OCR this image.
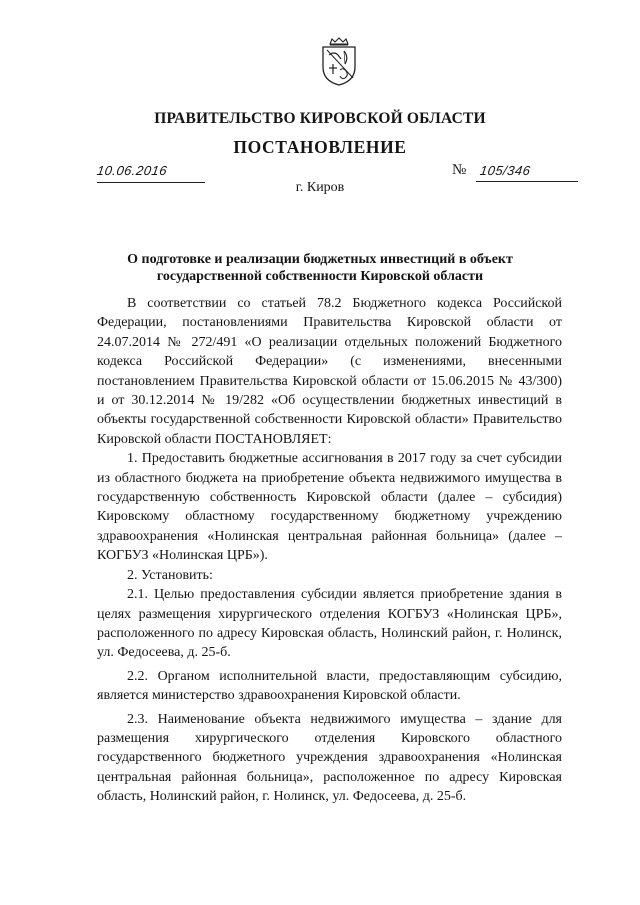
ПРАВИТЕЛЬСТВО КИРОВСКОЙ ОБЛАСТИ
ПОСТАНОВЛЕНИЕ
10.06.2016	№ 105/346
г. Киров
О подготовке и реализации бюджетных инвестиций в объект
государственной собственности Кировской области

В соответствии со статьей 78.2 Бюджетного кодекса Российской Федерации, постановлениями Правительства Кировской области от 24.07.2014 № 272/491 «О реализации отдельных положений Бюджетного кодекса Российской Федерации» (с изменениями, внесенными постановлением Правительства Кировской области от 15.06.2015 № 43/300) и от 30.12.2014 № 19/282 «Об осуществлении бюджетных инвестиций в объекты государственной собственности Кировской области» Правительство Кировской области ПОСТАНОВЛЯЕТ:

1. Предоставить бюджетные ассигнования в 2017 году за счет субсидии из областного бюджета на приобретение объекта недвижимого имущества в государственную собственность Кировской области (далее – субсидия) Кировскому областному государственному бюджетному учреждению здравоохранения «Нолинская центральная районная больница» (далее – КОГБУЗ «Нолинская ЦРБ»).

2. Установить:

2.1. Целью предоставления субсидии является приобретение здания в целях размещения хирургического отделения КОГБУЗ «Нолинская ЦРБ», расположенного по адресу Кировская область, Нолинский район, г. Нолинск, ул. Федосеева, д. 25-б.

2.2. Органом исполнительной власти, предоставляющим субсидию, является министерство здравоохранения Кировской области.

2.3. Наименование объекта недвижимого имущества – здание для размещения хирургического отделения Кировского областного государственного бюджетного учреждения здравоохранения «Нолинская центральная районная больница», расположенное по адресу Кировская область, Нолинский район, г. Нолинск, ул. Федосеева, д. 25-б.
